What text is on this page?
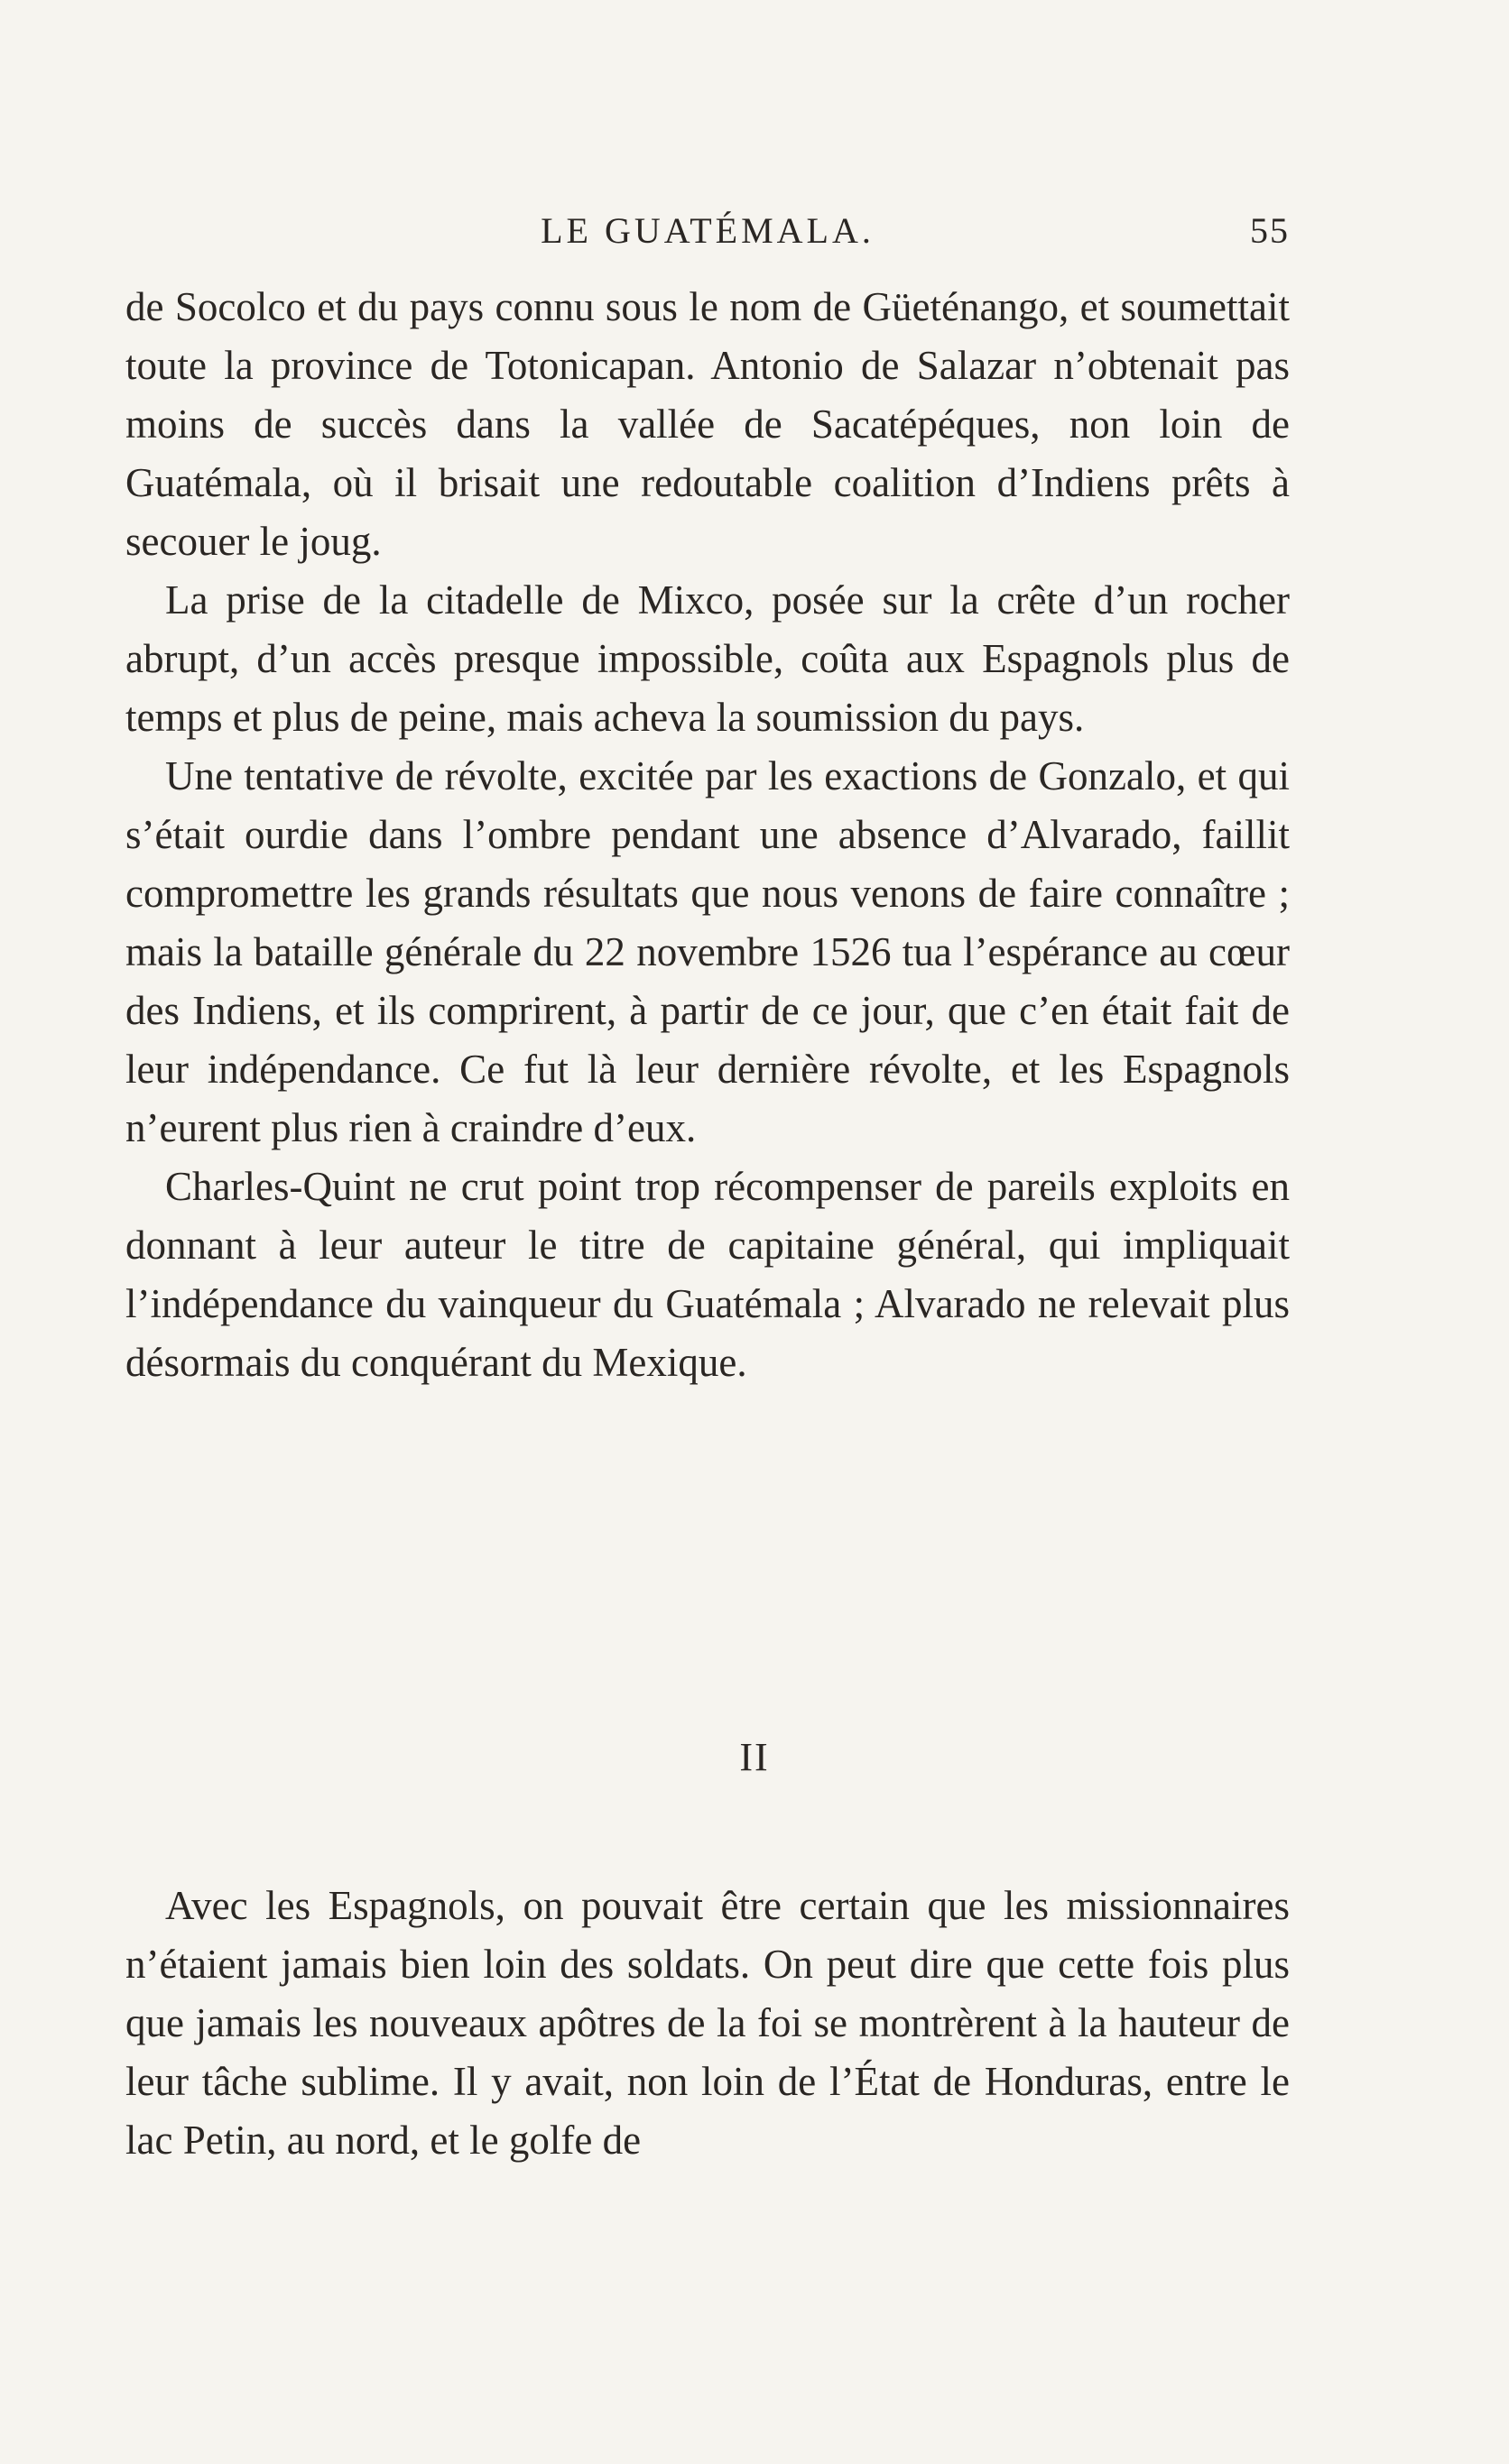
LE GUATÉMALA.	55

de Socolco et du pays connu sous le nom de Güeténango, et soumettait toute la province de Totonicapan. Antonio de Salazar n’obtenait pas moins de succès dans la vallée de Sacatépéques, non loin de Guatémala, où il brisait une redoutable coalition d’Indiens prêts à secouer le joug.

La prise de la citadelle de Mixco, posée sur la crête d’un rocher abrupt, d’un accès presque impossible, coûta aux Espagnols plus de temps et plus de peine, mais acheva la soumission du pays.

Une tentative de révolte, excitée par les exactions de Gonzalo, et qui s’était ourdie dans l’ombre pendant une absence d’Alvarado, faillit compromettre les grands résultats que nous venons de faire connaître ; mais la bataille générale du 22 novembre 1526 tua l’espérance au cœur des Indiens, et ils comprirent, à partir de ce jour, que c’en était fait de leur indépendance. Ce fut là leur dernière révolte, et les Espagnols n’eurent plus rien à craindre d’eux.

Charles-Quint ne crut point trop récompenser de pareils exploits en donnant à leur auteur le titre de capitaine général, qui impliquait l’indépendance du vainqueur du Guatémala ; Alvarado ne relevait plus désormais du conquérant du Mexique.

II

Avec les Espagnols, on pouvait être certain que les missionnaires n’étaient jamais bien loin des soldats. On peut dire que cette fois plus que jamais les nouveaux apôtres de la foi se montrèrent à la hauteur de leur tâche sublime. Il y avait, non loin de l’État de Honduras, entre le lac Petin, au nord, et le golfe de
